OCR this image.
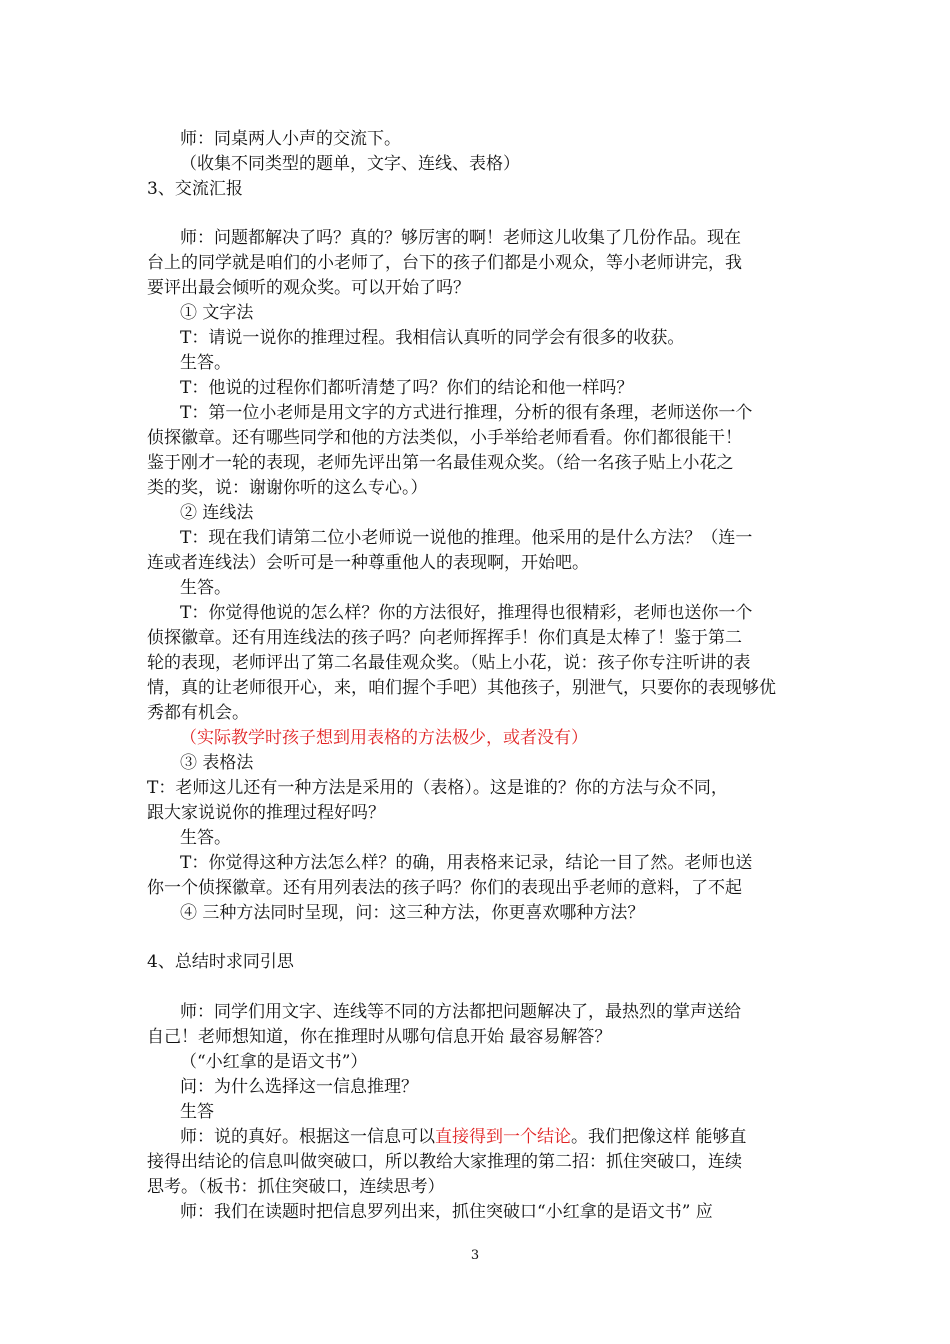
师：同桌两人小声的交流下。
（收集不同类型的题单，文字、连线、表格）
3、交流汇报
师：问题都解决了吗？真的？够厉害的啊！老师这儿收集了几份作品。现在
台上的同学就是咱们的小老师了，台下的孩子们都是小观众，等小老师讲完，我
要评出最会倾听的观众奖。可以开始了吗？
① 文字法
T：请说一说你的推理过程。我相信认真听的同学会有很多的收获。
生答。
T：他说的过程你们都听清楚了吗？你们的结论和他一样吗？
T：第一位小老师是用文字的方式进行推理，分析的很有条理，老师送你一个
侦探徽章。还有哪些同学和他的方法类似，小手举给老师看看。你们都很能干！
鉴于刚才一轮的表现，老师先评出第一名最佳观众奖。（给一名孩子贴上小花之
类的奖，说：谢谢你听的这么专心。）
② 连线法
T：现在我们请第二位小老师说一说他的推理。他采用的是什么方法？（连一
连或者连线法）会听可是一种尊重他人的表现啊，开始吧。
生答。
T：你觉得他说的怎么样？你的方法很好，推理得也很精彩，老师也送你一个
侦探徽章。还有用连线法的孩子吗？向老师挥挥手！你们真是太棒了！鉴于第二
轮的表现，老师评出了第二名最佳观众奖。（贴上小花，说：孩子你专注听讲的表
情，真的让老师很开心，来，咱们握个手吧）其他孩子，别泄气，只要你的表现够优
秀都有机会。
（实际教学时孩子想到用表格的方法极少，或者没有）
③ 表格法
T：老师这儿还有一种方法是采用的（表格）。这是谁的？你的方法与众不同，
跟大家说说你的推理过程好吗？
生答。
T：你觉得这种方法怎么样？的确，用表格来记录，结论一目了然。老师也送
你一个侦探徽章。还有用列表法的孩子吗？你们的表现出乎老师的意料，了不起
④ 三种方法同时呈现，问：这三种方法，你更喜欢哪种方法？
4、总结时求同引思
师：同学们用文字、连线等不同的方法都把问题解决了，最热烈的掌声送给
自己！老师想知道，你在推理时从哪句信息开始 最容易解答？
（“小红拿的是语文书”）
问：为什么选择这一信息推理？
生答
师：说的真好。根据这一信息可以直接得到一个结论。我们把像这样 能够直
接得出结论的信息叫做突破口，所以教给大家推理的第二招：抓住突破口，连续
思考。（板书：抓住突破口，连续思考）
师：我们在读题时把信息罗列出来，抓住突破口“小红拿的是语文书” 应
3
